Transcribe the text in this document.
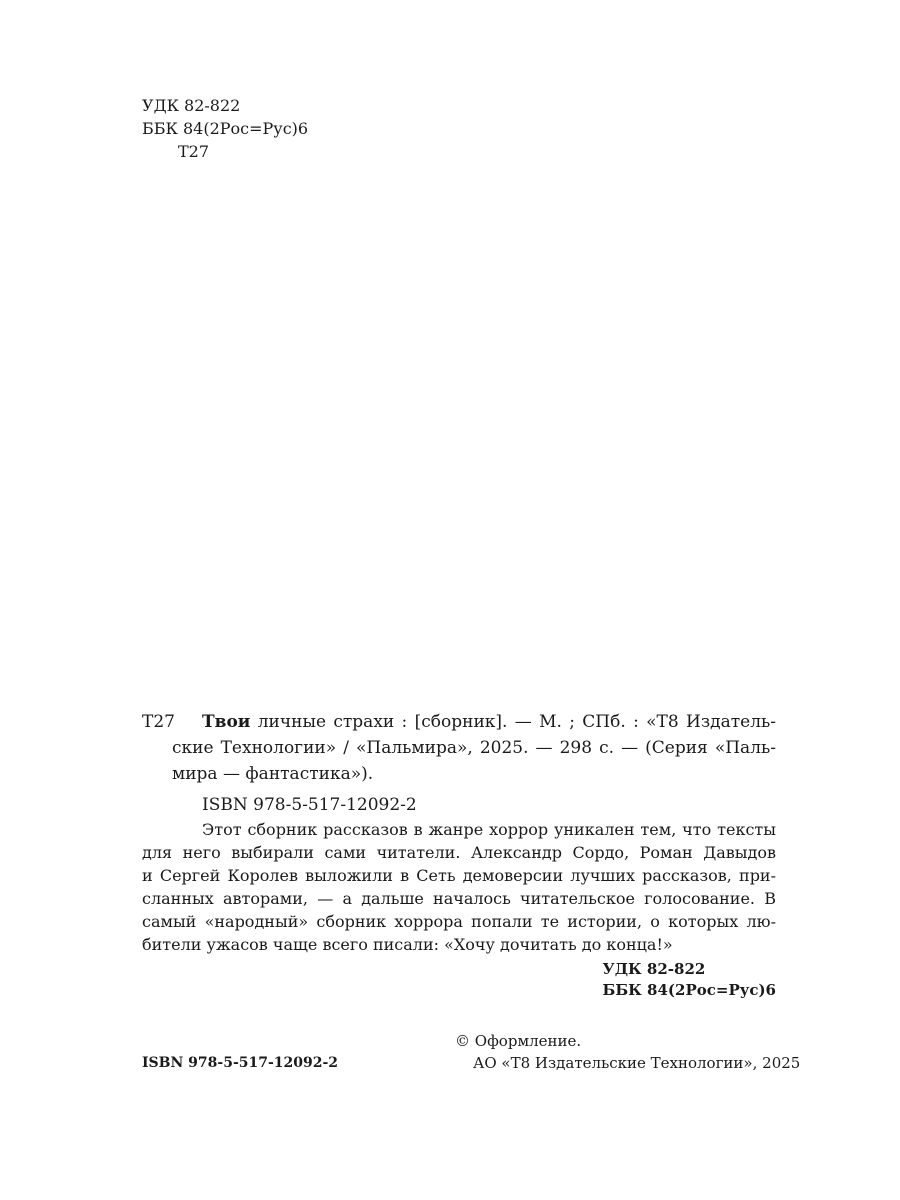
УДК 82-822
ББК 84(2Рос=Рус)6
Т27
Т27 Твои личные страхи : [сборник]. — М. ; СПб. : «Т8 Издатель-
ские Технологии» / «Пальмира», 2025. — 298 с. — (Серия «Паль-
мира — фантастика»).
ISBN 978-5-517-12092-2
Этот сборник рассказов в жанре хоррор уникален тем, что тексты
для него выбирали сами читатели. Александр Сордо, Роман Давыдов
и Сергей Королев выложили в Сеть демоверсии лучших рассказов, при-
сланных авторами, — а дальше началось читательское голосование. В
самый «народный» сборник хоррора попали те истории, о которых лю-
бители ужасов чаще всего писали: «Хочу дочитать до конца!»
УДК 82-822
ББК 84(2Рос=Рус)6
© Оформление.
АО «Т8 Издательские Технологии», 2025
ISBN 978-5-517-12092-2
